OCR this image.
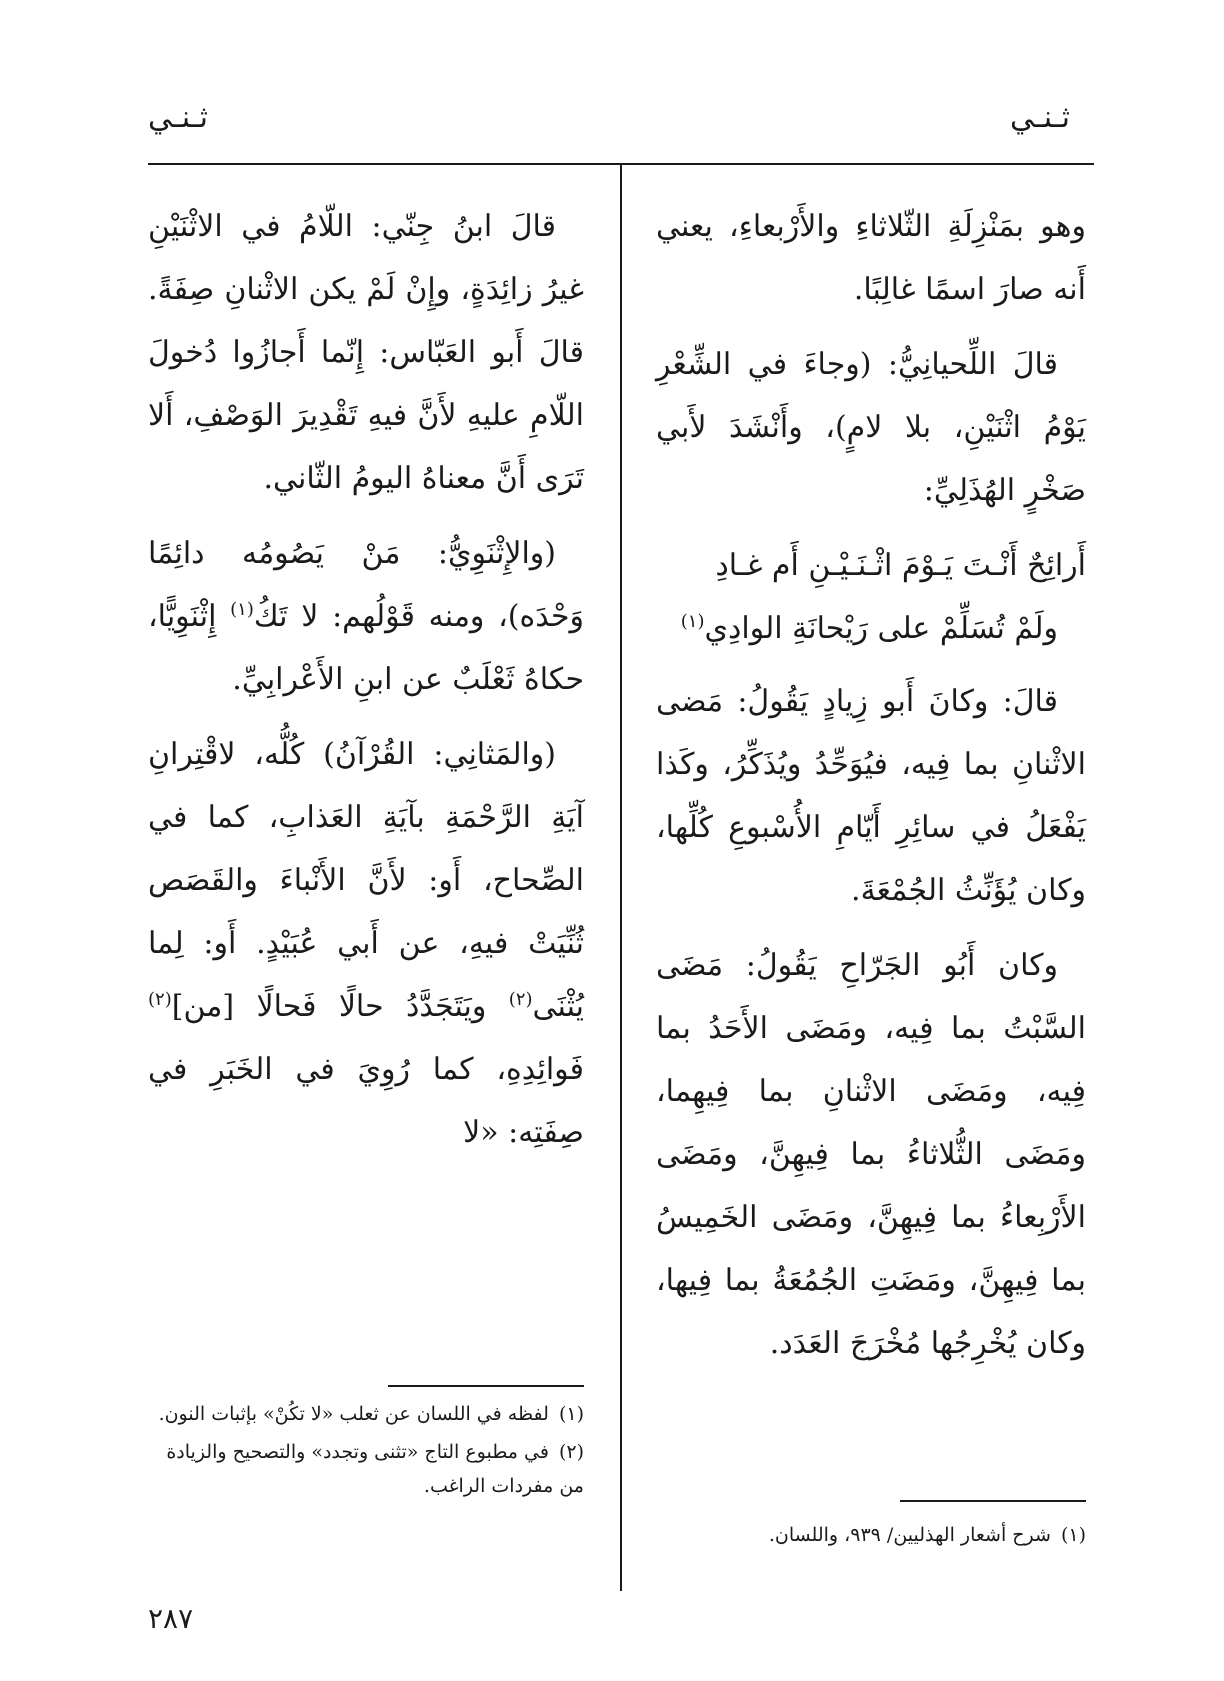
ثـنـي
ثـنـي

وهو بمَنْزِلَةِ الثّلاثاءِ والأَرْبعاءِ، يعني أَنه صارَ اسمًا غالِبًا.

قالَ اللِّحيانِيُّ: (وجاءَ في الشِّعْرِ يَوْمُ اثْنَيْنِ، بلا لامٍ)، وأَنْشَدَ لأَبي صَخْرٍ الهُذَلِيِّ:

أَرائِحٌ أَنْـتَ يَـوْمَ اثْـنَـيْـنِ أَم غـادِ

ولَمْ تُسَلِّمْ على رَيْحانَةِ الوادِي$^{(١)}$

قالَ: وكانَ أَبو زِيادٍ يَقُولُ: مَضى الاثْنانِ بما فِيه، فيُوَحِّدُ ويُذَكِّرُ، وكَذا يَفْعَلُ في سائِرِ أَيّامِ الأُسْبوعِ كُلِّها، وكان يُؤَنِّثُ الجُمْعَةَ.

وكان أَبُو الجَرّاحِ يَقُولُ: مَضَى السَّبْتُ بما فِيه، ومَضَى الأَحَدُ بما فِيه، ومَضَى الاثْنانِ بما فِيهِما، ومَضَى الثُّلاثاءُ بما فِيهِنَّ، ومَضَى الأَرْبِعاءُ بما فِيهِنَّ، ومَضَى الخَمِيسُ بما فِيهِنَّ، ومَضَتِ الجُمُعَةُ بما فِيها، وكان يُخْرِجُها مُخْرَجَ العَدَد.

قالَ ابنُ جِنّي: اللّامُ في الاثْنَيْنِ غيرُ زائِدَةٍ، وإِنْ لَمْ يكن الاثْنانِ صِفَةً. قالَ أَبو العَبّاس: إِنّما أَجازُوا دُخولَ اللّامِ عليهِ لأَنَّ فيهِ تَقْدِيرَ الوَصْفِ، أَلا تَرَى أَنَّ معناهُ اليومُ الثّاني.

(والإِثْنَوِيُّ: مَنْ يَصُومُه دائِمًا وَحْدَه)، ومنه قَوْلُهم: لا تَكُ$^{(١)}$ إِثْنَوِيًّا، حكاهُ ثَعْلَبٌ عن ابنِ الأَعْرابِيِّ.

(والمَثانِي: القُرْآنُ) كُلُّه، لاقْتِرانِ آيَةِ الرَّحْمَةِ بآيَةِ العَذابِ، كما في الصِّحاح، أَو: لأَنَّ الأَنْباءَ والقَصَص ثُنِّيَتْ فيهِ، عن أَبي عُبَيْدٍ. أَو: لِما يُثْنَى$^{(٢)}$ ويَتَجَدَّدُ حالًا فَحالًا [من]$^{(٢)}$ فَوائِدِهِ، كما رُوِيَ في الخَبَرِ في صِفَتِه: «لا

(١)شرح أشعار الهذليين/ ٩٣٩، واللسان.

(١)لفظه في اللسان عن ثعلب «لا تكُنْ» بإثبات النون.

(٢)في مطبوع التاج «تثنى وتجدد» والتصحيح والزيادة من مفردات الراغب.

٢٨٧
